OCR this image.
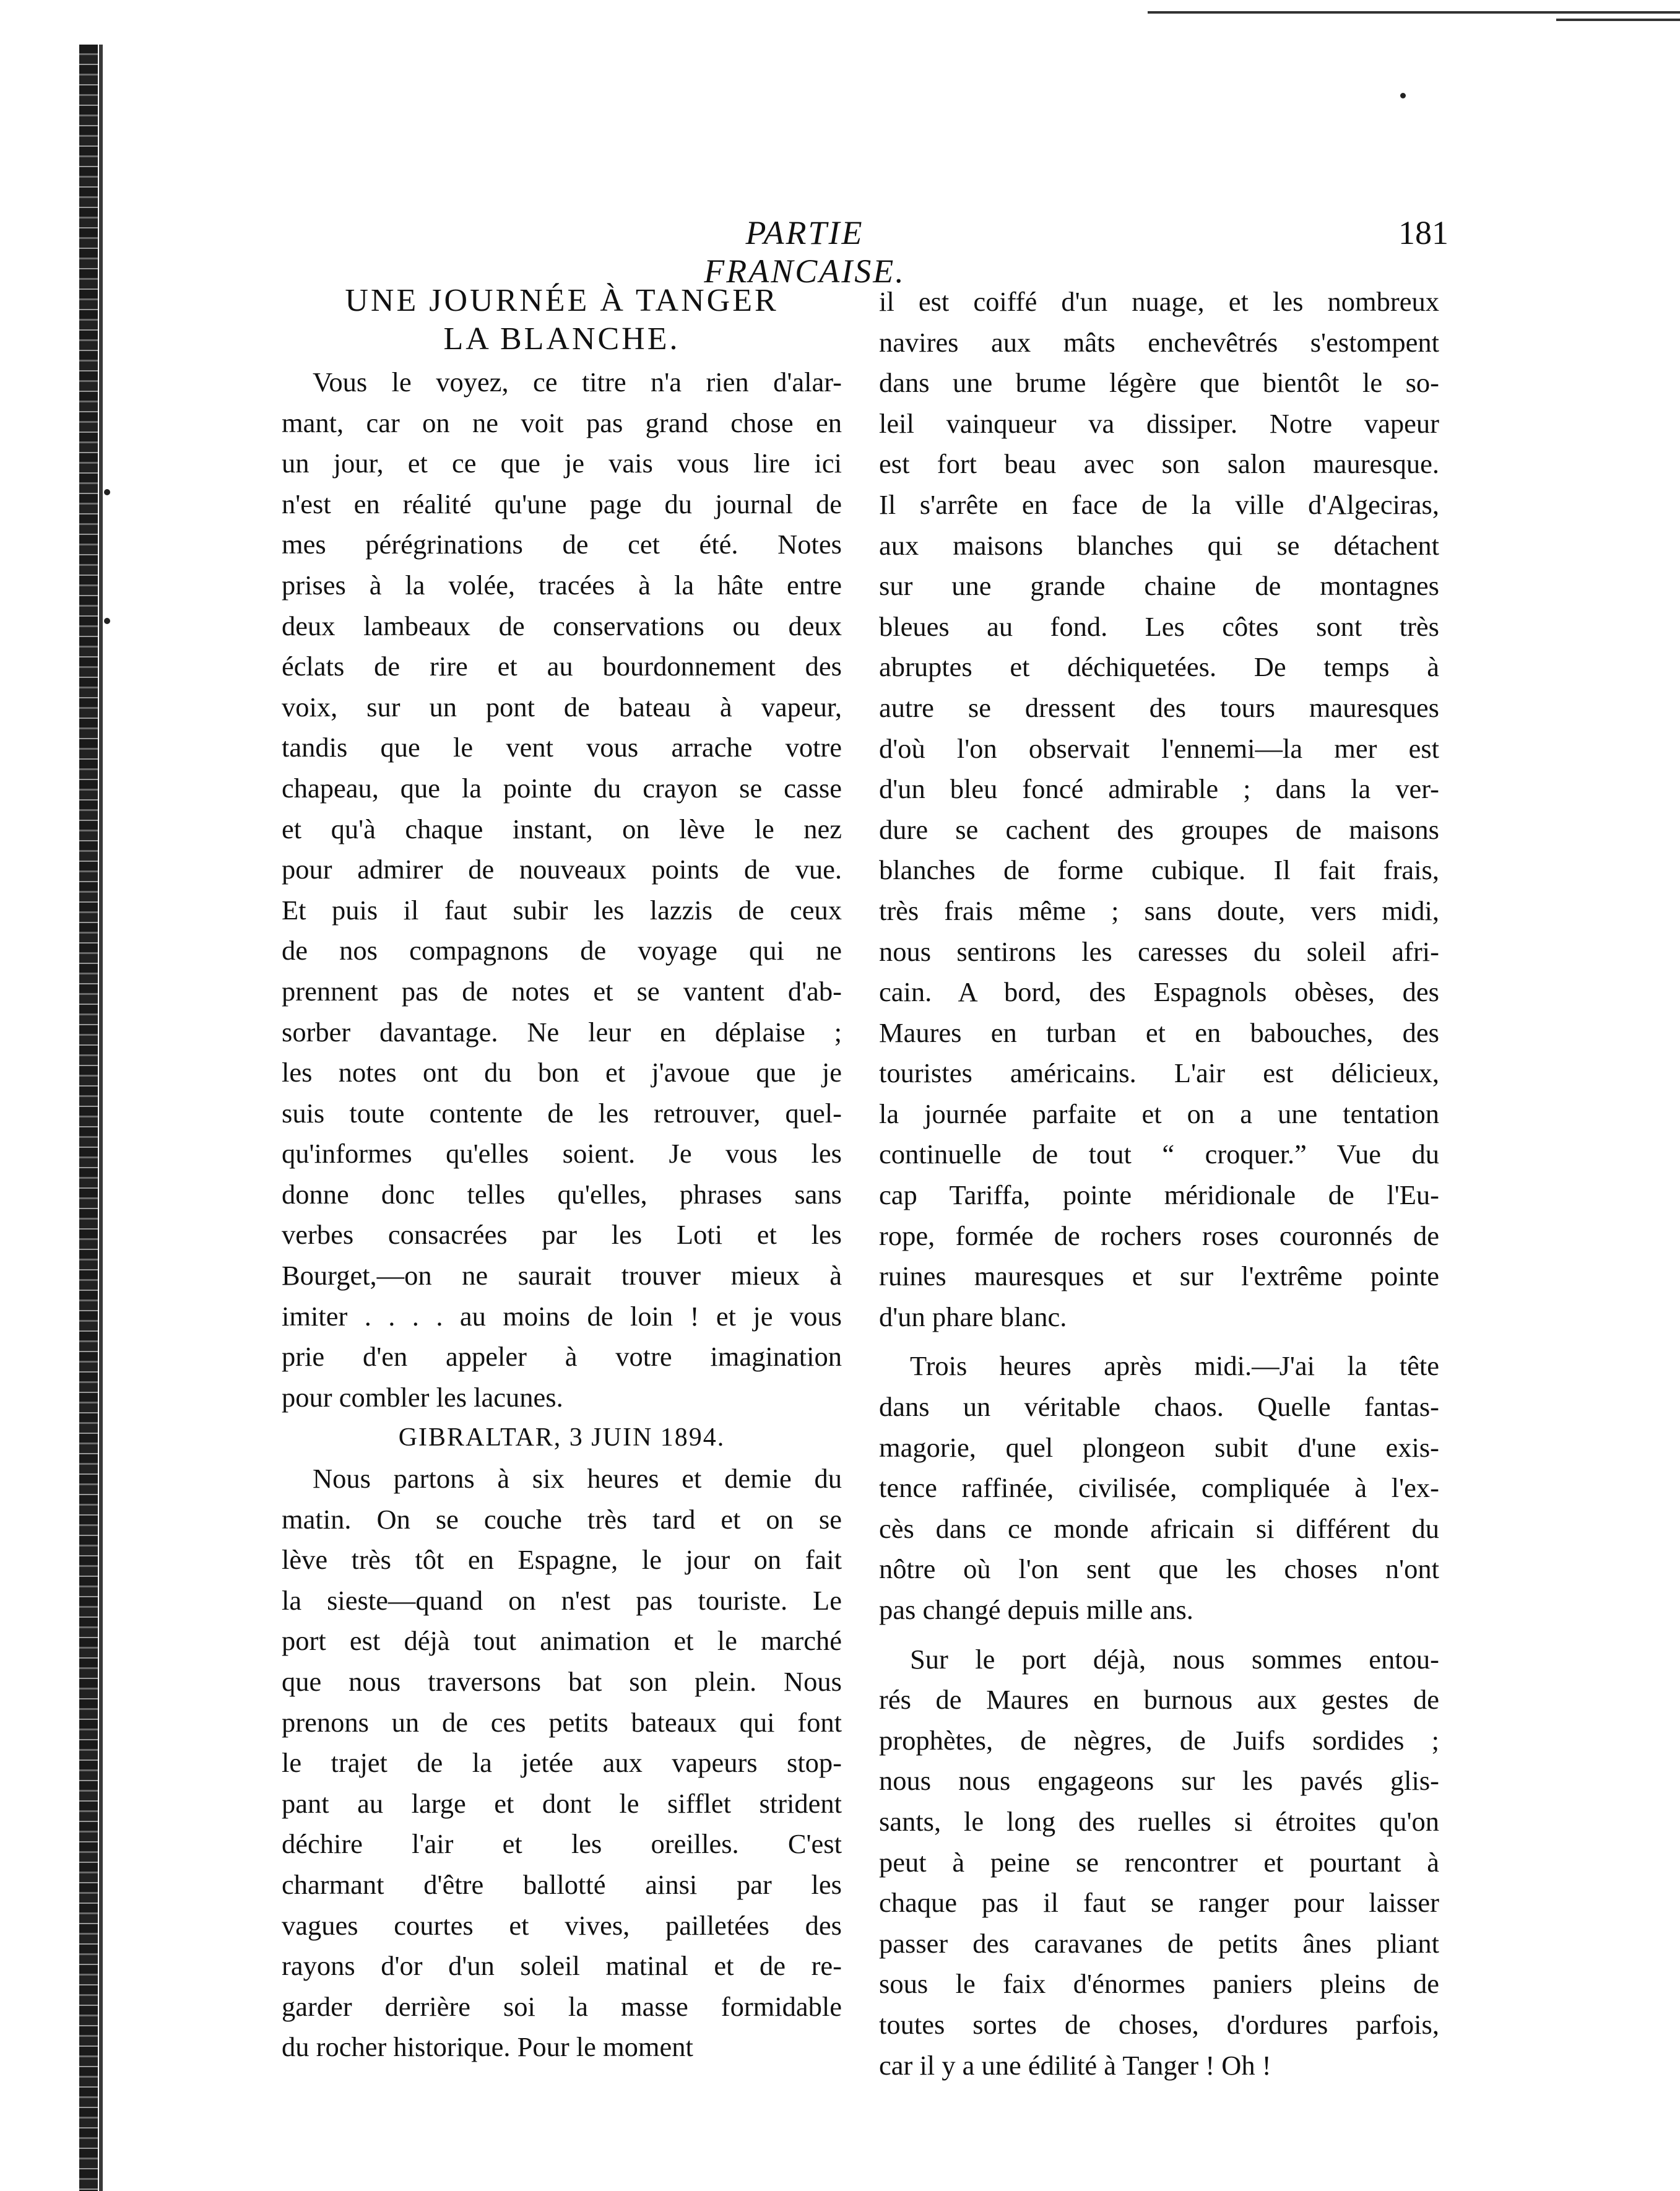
PARTIE FRANCAISE.
181
UNE JOURNÉE À TANGER
LA BLANCHE.
Vous le voyez, ce titre n'a rien d'alar-
mant, car on ne voit pas grand chose en
un jour, et ce que je vais vous lire ici
n'est en réalité qu'une page du journal de
mes pérégrinations de cet été. Notes
prises à la volée, tracées à la hâte entre
deux lambeaux de conservations ou deux
éclats de rire et au bourdonnement des
voix, sur un pont de bateau à vapeur,
tandis que le vent vous arrache votre
chapeau, que la pointe du crayon se casse
et qu'à chaque instant, on lève le nez
pour admirer de nouveaux points de vue.
Et puis il faut subir les lazzis de ceux
de nos compagnons de voyage qui ne
prennent pas de notes et se vantent d'ab-
sorber davantage. Ne leur en déplaise ;
les notes ont du bon et j'avoue que je
suis toute contente de les retrouver, quel-
qu'informes qu'elles soient. Je vous les
donne donc telles qu'elles, phrases sans
verbes consacrées par les Loti et les
Bourget,—on ne saurait trouver mieux à
imiter . . . . au moins de loin ! et je vous
prie d'en appeler à votre imagination
pour combler les lacunes.
GIBRALTAR, 3 JUIN 1894.
Nous partons à six heures et demie du
matin. On se couche très tard et on se
lève très tôt en Espagne, le jour on fait
la sieste—quand on n'est pas touriste. Le
port est déjà tout animation et le marché
que nous traversons bat son plein. Nous
prenons un de ces petits bateaux qui font
le trajet de la jetée aux vapeurs stop-
pant au large et dont le sifflet strident
déchire l'air et les oreilles. C'est
charmant d'être ballotté ainsi par les
vagues courtes et vives, pailletées des
rayons d'or d'un soleil matinal et de re-
garder derrière soi la masse formidable
du rocher historique. Pour le moment
il est coiffé d'un nuage, et les nombreux
navires aux mâts enchevêtrés s'estompent
dans une brume légère que bientôt le so-
leil vainqueur va dissiper. Notre vapeur
est fort beau avec son salon mauresque.
Il s'arrête en face de la ville d'Algeciras,
aux maisons blanches qui se détachent
sur une grande chaine de montagnes
bleues au fond. Les côtes sont très
abruptes et déchiquetées. De temps à
autre se dressent des tours mauresques
d'où l'on observait l'ennemi—la mer est
d'un bleu foncé admirable ; dans la ver-
dure se cachent des groupes de maisons
blanches de forme cubique. Il fait frais,
très frais même ; sans doute, vers midi,
nous sentirons les caresses du soleil afri-
cain. A bord, des Espagnols obèses, des
Maures en turban et en babouches, des
touristes américains. L'air est délicieux,
la journée parfaite et on a une tentation
continuelle de tout “ croquer.” Vue du
cap Tariffa, pointe méridionale de l'Eu-
rope, formée de rochers roses couronnés de
ruines mauresques et sur l'extrême pointe
d'un phare blanc.
Trois heures après midi.—J'ai la tête
dans un véritable chaos. Quelle fantas-
magorie, quel plongeon subit d'une exis-
tence raffinée, civilisée, compliquée à l'ex-
cès dans ce monde africain si différent du
nôtre où l'on sent que les choses n'ont
pas changé depuis mille ans.
Sur le port déjà, nous sommes entou-
rés de Maures en burnous aux gestes de
prophètes, de nègres, de Juifs sordides ;
nous nous engageons sur les pavés glis-
sants, le long des ruelles si étroites qu'on
peut à peine se rencontrer et pourtant à
chaque pas il faut se ranger pour laisser
passer des caravanes de petits ânes pliant
sous le faix d'énormes paniers pleins de
toutes sortes de choses, d'ordures parfois,
car il y a une édilité à Tanger ! Oh !
